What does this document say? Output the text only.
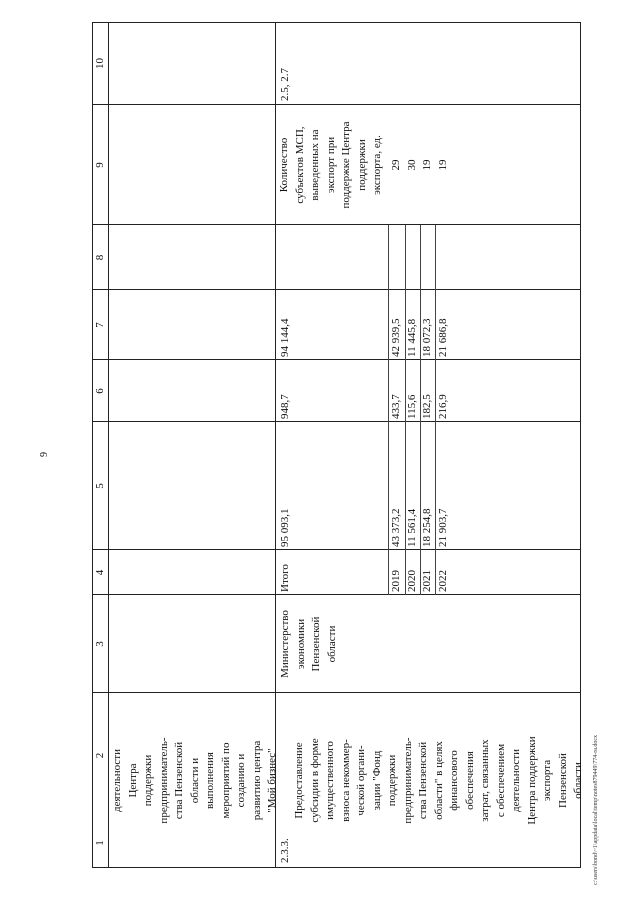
9
c:\users\bond\~1\appdata\local\temp\notes879449\774-ra.docx
1
2
3
4
5
6
7
8
9
10
деятельности Центра поддержки предприниматель- ства Пензенской области и выполнения мероприятий по созданию и развитию центра "Мой бизнес"
2.3.3.
Предоставление субсидии в форме имущественного взноса некоммер- ческой органи- зации "Фонд поддержки предприниматель- ства Пензенской области" в целях финансового обеспечения затрат, связанных с обеспечением деятельности Центра поддержки экспорта Пензенской области
Министерство экономики Пензенской области
Итого
95 093,1
948,7
94 144,4
2019
43 373,2
433,7
42 939,5
29
2020
11 561,4
115,6
11 445,8
30
2021
18 254,8
182,5
18 072,3
19
2022
21 903,7
216,9
21 686,8
19
Количество субъектов МСП, выведенных на экспорт при поддержке Центра поддержки экспорта, ед.
2.5, 2.7
